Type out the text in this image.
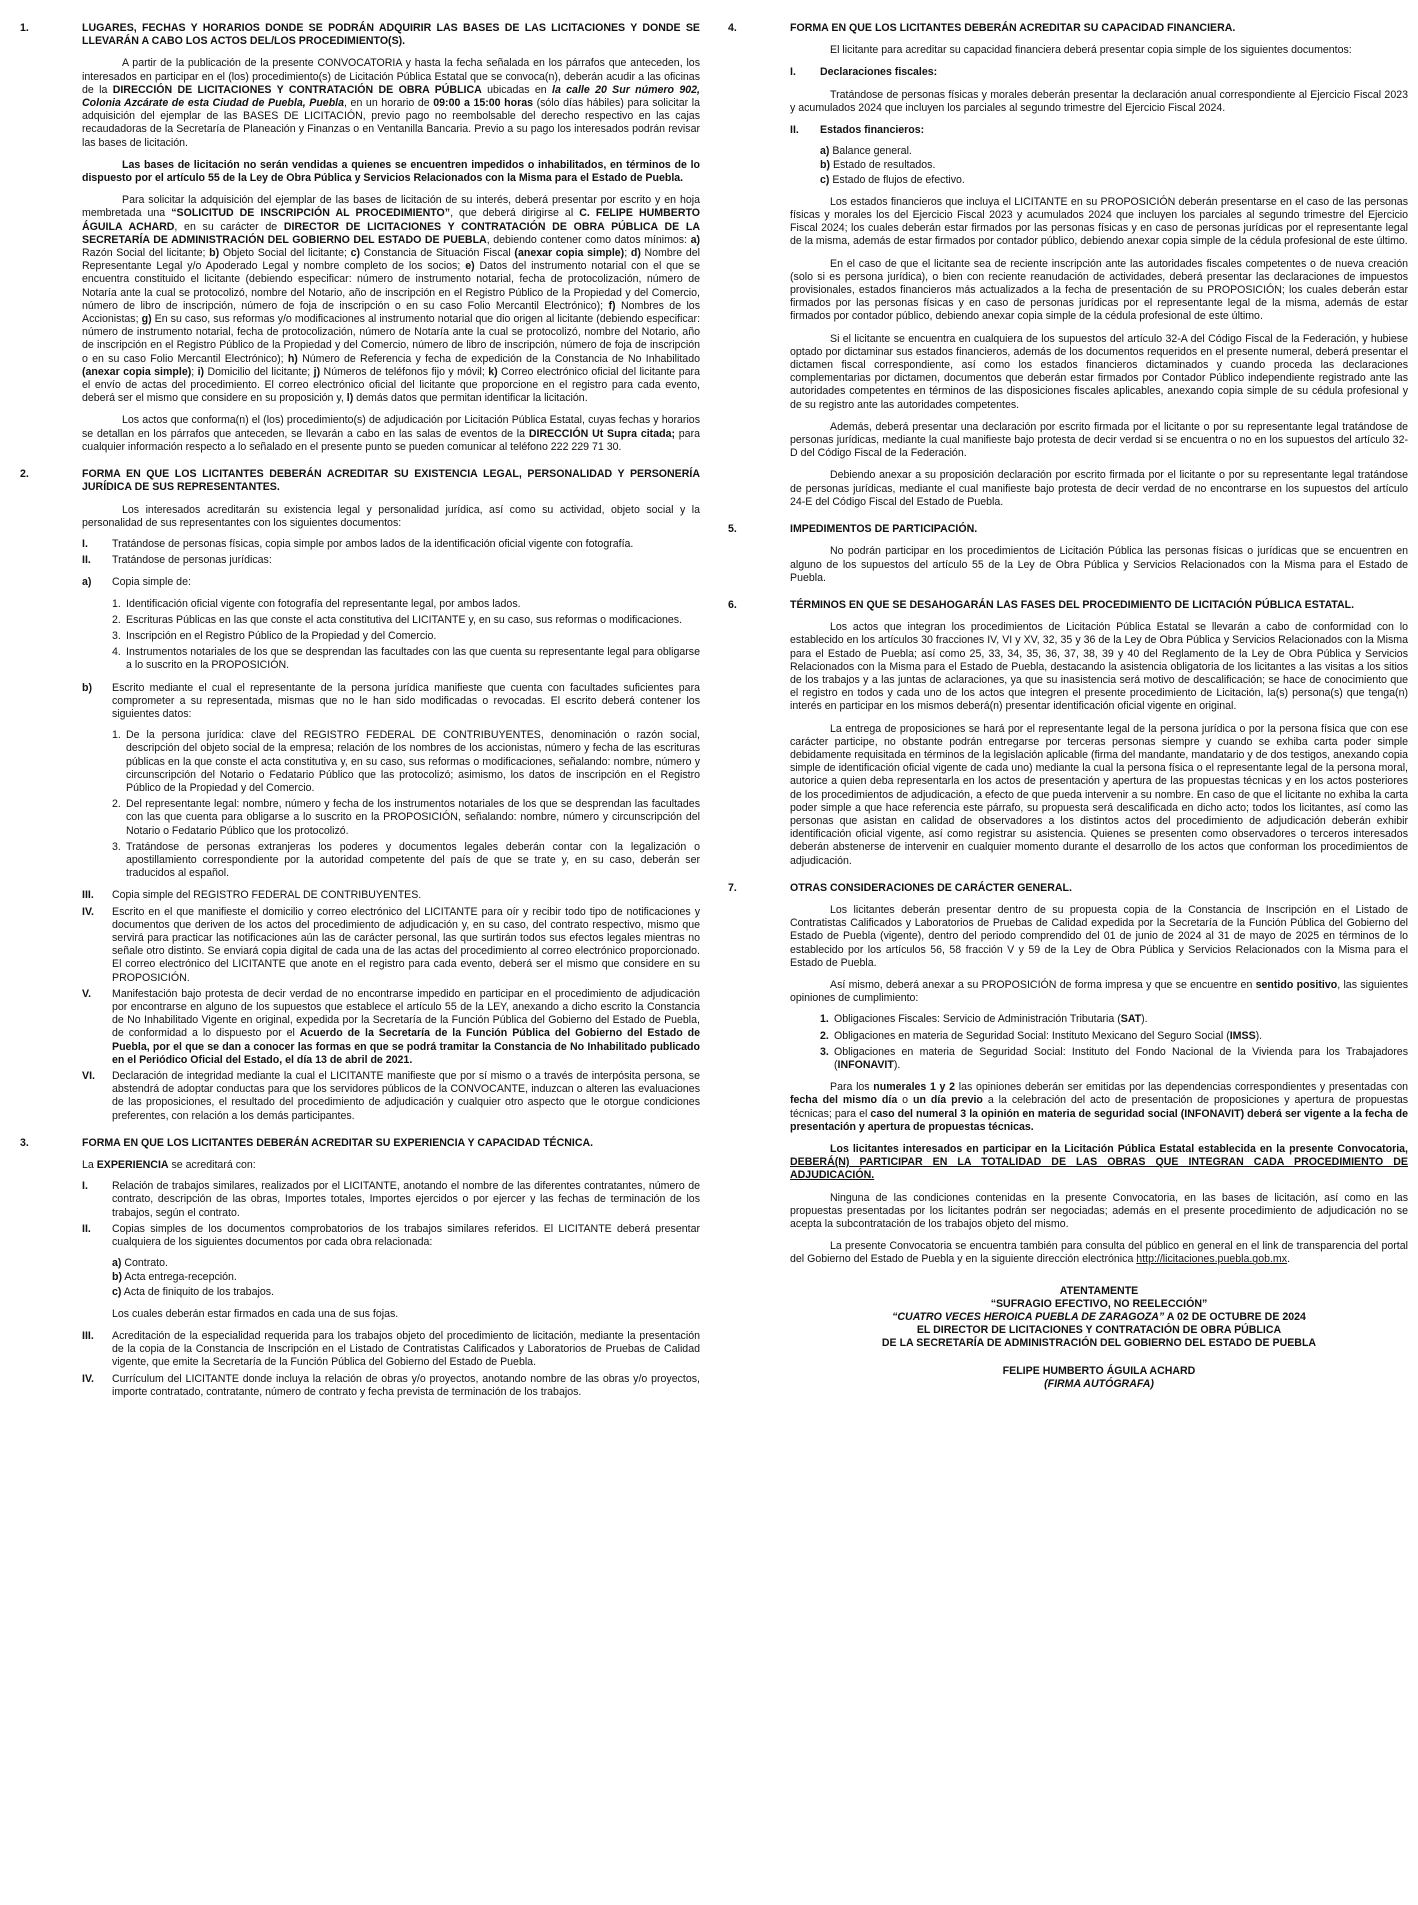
1.	LUGARES, FECHAS Y HORARIOS DONDE SE PODRÁN ADQUIRIR LAS BASES DE LAS LICITACIONES Y DONDE SE LLEVARÁN A CABO LOS ACTOS DEL/LOS PROCEDIMIENTO(S).
A partir de la publicación de la presente CONVOCATORIA y hasta la fecha señalada en los párrafos que anteceden, los interesados en participar en el (los) procedimiento(s) de Licitación Pública Estatal que se convoca(n), deberán acudir a las oficinas de la DIRECCIÓN DE LICITACIONES Y CONTRATACIÓN DE OBRA PÚBLICA ubicadas en la calle 20 Sur número 902, Colonia Azcárate de esta Ciudad de Puebla, Puebla, en un horario de 09:00 a 15:00 horas (sólo días hábiles) para solicitar la adquisición del ejemplar de las BASES DE LICITACIÓN, previo pago no reembolsable del derecho respectivo en las cajas recaudadoras de la Secretaría de Planeación y Finanzas o en Ventanilla Bancaria. Previo a su pago los interesados podrán revisar las bases de licitación.
Las bases de licitación no serán vendidas a quienes se encuentren impedidos o inhabilitados, en términos de lo dispuesto por el artículo 55 de la Ley de Obra Pública y Servicios Relacionados con la Misma para el Estado de Puebla.
Para solicitar la adquisición del ejemplar de las bases de licitación de su interés, deberá presentar por escrito y en hoja membretada una “SOLICITUD DE INSCRIPCIÓN AL PROCEDIMIENTO”, que deberá dirigirse al C. FELIPE HUMBERTO ÁGUILA ACHARD, en su carácter de DIRECTOR DE LICITACIONES Y CONTRATACIÓN DE OBRA PÚBLICA DE LA SECRETARÍA DE ADMINISTRACIÓN DEL GOBIERNO DEL ESTADO DE PUEBLA, debiendo contener como datos mínimos: a) Razón Social del licitante; b) Objeto Social del licitante; c) Constancia de Situación Fiscal (anexar copia simple); d) Nombre del Representante Legal y/o Apoderado Legal y nombre completo de los socios; e) Datos del instrumento notarial con el que se encuentra constituido el licitante (debiendo especificar: número de instrumento notarial, fecha de protocolización, número de Notaría ante la cual se protocolizó, nombre del Notario, año de inscripción en el Registro Público de la Propiedad y del Comercio, número de libro de inscripción, número de foja de inscripción o en su caso Folio Mercantil Electrónico); f) Nombres de los Accionistas; g) En su caso, sus reformas y/o modificaciones al instrumento notarial que dio origen al licitante (debiendo especificar: número de instrumento notarial, fecha de protocolización, número de Notaría ante la cual se protocolizó, nombre del Notario, año de inscripción en el Registro Público de la Propiedad y del Comercio, número de libro de inscripción, número de foja de inscripción o en su caso Folio Mercantil Electrónico); h) Número de Referencia y fecha de expedición de la Constancia de No Inhabilitado (anexar copia simple); i) Domicilio del licitante; j) Números de teléfonos fijo y móvil; k) Correo electrónico oficial del licitante para el envío de actas del procedimiento. El correo electrónico oficial del licitante que proporcione en el registro para cada evento, deberá ser el mismo que considere en su proposición y, l) demás datos que permitan identificar la licitación.
Los actos que conforma(n) el (los) procedimiento(s) de adjudicación por Licitación Pública Estatal, cuyas fechas y horarios se detallan en los párrafos que anteceden, se llevarán a cabo en las salas de eventos de la DIRECCIÓN Ut Supra citada; para cualquier información respecto a lo señalado en el presente punto se pueden comunicar al teléfono 222 229 71 30.
2.	FORMA EN QUE LOS LICITANTES DEBERÁN ACREDITAR SU EXISTENCIA LEGAL, PERSONALIDAD Y PERSONERÍA JURÍDICA DE SUS REPRESENTANTES.
Los interesados acreditarán su existencia legal y personalidad jurídica, así como su actividad, objeto social y la personalidad de sus representantes con los siguientes documentos:
I.	Tratándose de personas físicas, copia simple por ambos lados de la identificación oficial vigente con fotografía.
II.	Tratándose de personas jurídicas:
a)	Copia simple de:
1. Identificación oficial vigente con fotografía del representante legal, por ambos lados.
2. Escrituras Públicas en las que conste el acta constitutiva del LICITANTE y, en su caso, sus reformas o modificaciones.
3. Inscripción en el Registro Público de la Propiedad y del Comercio.
4. Instrumentos notariales de los que se desprendan las facultades con las que cuenta su representante legal para obligarse a lo suscrito en la PROPOSICIÓN.
b)	Escrito mediante el cual el representante de la persona jurídica manifieste que cuenta con facultades suficientes para comprometer a su representada, mismas que no le han sido modificadas o revocadas. El escrito deberá contener los siguientes datos:
1. De la persona jurídica: clave del REGISTRO FEDERAL DE CONTRIBUYENTES, denominación o razón social, descripción del objeto social de la empresa; relación de los nombres de los accionistas, número y fecha de las escrituras públicas en la que conste el acta constitutiva y, en su caso, sus reformas o modificaciones, señalando: nombre, número y circunscripción del Notario o Fedatario Público que las protocolizó; asimismo, los datos de inscripción en el Registro Público de la Propiedad y del Comercio.
2. Del representante legal: nombre, número y fecha de los instrumentos notariales de los que se desprendan las facultades con las que cuenta para obligarse a lo suscrito en la PROPOSICIÓN, señalando: nombre, número y circunscripción del Notario o Fedatario Público que los protocolizó.
3. Tratándose de personas extranjeras los poderes y documentos legales deberán contar con la legalización o apostillamiento correspondiente por la autoridad competente del país de que se trate y, en su caso, deberán ser traducidos al español.
III.	Copia simple del REGISTRO FEDERAL DE CONTRIBUYENTES.
IV.	Escrito en el que manifieste el domicilio y correo electrónico del LICITANTE para oír y recibir todo tipo de notificaciones y documentos que deriven de los actos del procedimiento de adjudicación y, en su caso, del contrato respectivo, mismo que servirá para practicar las notificaciones aún las de carácter personal, las que surtirán todos sus efectos legales mientras no señale otro distinto. Se enviará copia digital de cada una de las actas del procedimiento al correo electrónico proporcionado. El correo electrónico del LICITANTE que anote en el registro para cada evento, deberá ser el mismo que considere en su PROPOSICIÓN.
V.	Manifestación bajo protesta de decir verdad de no encontrarse impedido en participar en el procedimiento de adjudicación por encontrarse en alguno de los supuestos que establece el artículo 55 de la LEY, anexando a dicho escrito la Constancia de No Inhabilitado Vigente en original, expedida por la Secretaría de la Función Pública del Gobierno del Estado de Puebla, de conformidad a lo dispuesto por el Acuerdo de la Secretaría de la Función Pública del Gobierno del Estado de Puebla, por el que se dan a conocer las formas en que se podrá tramitar la Constancia de No Inhabilitado publicado en el Periódico Oficial del Estado, el día 13 de abril de 2021.
VI.	Declaración de integridad mediante la cual el LICITANTE manifieste que por sí mismo o a través de interpósita persona, se abstendrá de adoptar conductas para que los servidores públicos de la CONVOCANTE, induzcan o alteren las evaluaciones de las proposiciones, el resultado del procedimiento de adjudicación y cualquier otro aspecto que le otorgue condiciones preferentes, con relación a los demás participantes.
3.	FORMA EN QUE LOS LICITANTES DEBERÁN ACREDITAR SU EXPERIENCIA Y CAPACIDAD TÉCNICA.
La EXPERIENCIA se acreditará con:
I.	Relación de trabajos similares, realizados por el LICITANTE, anotando el nombre de las diferentes contratantes, número de contrato, descripción de las obras, Importes totales, Importes ejercidos o por ejercer y las fechas de terminación de los trabajos, según el contrato.
II.	Copias simples de los documentos comprobatorios de los trabajos similares referidos. El LICITANTE deberá presentar cualquiera de los siguientes documentos por cada obra relacionada:
a) Contrato.
b) Acta entrega-recepción.
c) Acta de finiquito de los trabajos.
Los cuales deberán estar firmados en cada una de sus fojas.
III.	Acreditación de la especialidad requerida para los trabajos objeto del procedimiento de licitación, mediante la presentación de la copia de la Constancia de Inscripción en el Listado de Contratistas Calificados y Laboratorios de Pruebas de Calidad vigente, que emite la Secretaría de la Función Pública del Gobierno del Estado de Puebla.
IV.	Currículum del LICITANTE donde incluya la relación de obras y/o proyectos, anotando nombre de las obras y/o proyectos, importe contratado, contratante, número de contrato y fecha prevista de terminación de los trabajos.
4.	FORMA EN QUE LOS LICITANTES DEBERÁN ACREDITAR SU CAPACIDAD FINANCIERA.
El licitante para acreditar su capacidad financiera deberá presentar copia simple de los siguientes documentos:
I.	Declaraciones fiscales:
Tratándose de personas físicas y morales deberán presentar la declaración anual correspondiente al Ejercicio Fiscal 2023 y acumulados 2024 que incluyen los parciales al segundo trimestre del Ejercicio Fiscal 2024.
II.	Estados financieros:
a) Balance general.
b) Estado de resultados.
c) Estado de flujos de efectivo.
Los estados financieros que incluya el LICITANTE en su PROPOSICIÓN deberán presentarse en el caso de las personas físicas y morales los del Ejercicio Fiscal 2023 y acumulados 2024 que incluyen los parciales al segundo trimestre del Ejercicio Fiscal 2024; los cuales deberán estar firmados por las personas físicas y en caso de personas jurídicas por el representante legal de la misma, además de estar firmados por contador público, debiendo anexar copia simple de la cédula profesional de este último.
En el caso de que el licitante sea de reciente inscripción ante las autoridades fiscales competentes o de nueva creación (solo si es persona jurídica), o bien con reciente reanudación de actividades, deberá presentar las declaraciones de impuestos provisionales, estados financieros más actualizados a la fecha de presentación de su PROPOSICIÓN; los cuales deberán estar firmados por las personas físicas y en caso de personas jurídicas por el representante legal de la misma, además de estar firmados por contador público, debiendo anexar copia simple de la cédula profesional de este último.
Si el licitante se encuentra en cualquiera de los supuestos del artículo 32-A del Código Fiscal de la Federación, y hubiese optado por dictaminar sus estados financieros, además de los documentos requeridos en el presente numeral, deberá presentar el dictamen fiscal correspondiente, así como los estados financieros dictaminados y cuando proceda las declaraciones complementarias por dictamen, documentos que deberán estar firmados por Contador Público independiente registrado ante las autoridades competentes en términos de las disposiciones fiscales aplicables, anexando copia simple de su cédula profesional y de su registro ante las autoridades competentes.
Además, deberá presentar una declaración por escrito firmada por el licitante o por su representante legal tratándose de personas jurídicas, mediante la cual manifieste bajo protesta de decir verdad si se encuentra o no en los supuestos del artículo 32-D del Código Fiscal de la Federación.
Debiendo anexar a su proposición declaración por escrito firmada por el licitante o por su representante legal tratándose de personas jurídicas, mediante el cual manifieste bajo protesta de decir verdad de no encontrarse en los supuestos del artículo 24-E del Código Fiscal del Estado de Puebla.
5.	IMPEDIMENTOS DE PARTICIPACIÓN.
No podrán participar en los procedimientos de Licitación Pública las personas físicas o jurídicas que se encuentren en alguno de los supuestos del artículo 55 de la Ley de Obra Pública y Servicios Relacionados con la Misma para el Estado de Puebla.
6.	TÉRMINOS EN QUE SE DESAHOGARÁN LAS FASES DEL PROCEDIMIENTO DE LICITACIÓN PÚBLICA ESTATAL.
Los actos que integran los procedimientos de Licitación Pública Estatal se llevarán a cabo de conformidad con lo establecido en los artículos 30 fracciones IV, VI y XV, 32, 35 y 36 de la Ley de Obra Pública y Servicios Relacionados con la Misma para el Estado de Puebla; así como 25, 33, 34, 35, 36, 37, 38, 39 y 40 del Reglamento de la Ley de Obra Pública y Servicios Relacionados con la Misma para el Estado de Puebla, destacando la asistencia obligatoria de los licitantes a las visitas a los sitios de los trabajos y a las juntas de aclaraciones, ya que su inasistencia será motivo de descalificación; se hace de conocimiento que el registro en todos y cada uno de los actos que integren el presente procedimiento de Licitación, la(s) persona(s) que tenga(n) interés en participar en los mismos deberá(n) presentar identificación oficial vigente en original.
La entrega de proposiciones se hará por el representante legal de la persona jurídica o por la persona física que con ese carácter participe, no obstante podrán entregarse por terceras personas siempre y cuando se exhiba carta poder simple debidamente requisitada en términos de la legislación aplicable (firma del mandante, mandatario y de dos testigos, anexando copia simple de identificación oficial vigente de cada uno) mediante la cual la persona física o el representante legal de la persona moral, autorice a quien deba representarla en los actos de presentación y apertura de las propuestas técnicas y en los actos posteriores de los procedimientos de adjudicación, a efecto de que pueda intervenir a su nombre. En caso de que el licitante no exhiba la carta poder simple a que hace referencia este párrafo, su propuesta será descalificada en dicho acto; todos los licitantes, así como las personas que asistan en calidad de observadores a los distintos actos del procedimiento de adjudicación deberán exhibir identificación oficial vigente, así como registrar su asistencia. Quienes se presenten como observadores o terceros interesados deberán abstenerse de intervenir en cualquier momento durante el desarrollo de los actos que conforman los procedimientos de adjudicación.
7.	OTRAS CONSIDERACIONES DE CARÁCTER GENERAL.
Los licitantes deberán presentar dentro de su propuesta copia de la Constancia de Inscripción en el Listado de Contratistas Calificados y Laboratorios de Pruebas de Calidad expedida por la Secretaría de la Función Pública del Gobierno del Estado de Puebla (vigente), dentro del periodo comprendido del 01 de junio de 2024 al 31 de mayo de 2025 en términos de lo establecido por los artículos 56, 58 fracción V y 59 de la Ley de Obra Pública y Servicios Relacionados con la Misma para el Estado de Puebla.
Así mismo, deberá anexar a su PROPOSICIÓN de forma impresa y que se encuentre en sentido positivo, las siguientes opiniones de cumplimiento:
1. Obligaciones Fiscales: Servicio de Administración Tributaria (SAT).
2. Obligaciones en materia de Seguridad Social: Instituto Mexicano del Seguro Social (IMSS).
3. Obligaciones en materia de Seguridad Social: Instituto del Fondo Nacional de la Vivienda para los Trabajadores (INFONAVIT).
Para los numerales 1 y 2 las opiniones deberán ser emitidas por las dependencias correspondientes y presentadas con fecha del mismo día o un día previo a la celebración del acto de presentación de proposiciones y apertura de propuestas técnicas; para el caso del numeral 3 la opinión en materia de seguridad social (INFONAVIT) deberá ser vigente a la fecha de presentación y apertura de propuestas técnicas.
Los licitantes interesados en participar en la Licitación Pública Estatal establecida en la presente Convocatoria, DEBERÁ(N) PARTICIPAR EN LA TOTALIDAD DE LAS OBRAS QUE INTEGRAN CADA PROCEDIMIENTO DE ADJUDICACIÓN.
Ninguna de las condiciones contenidas en la presente Convocatoria, en las bases de licitación, así como en las propuestas presentadas por los licitantes podrán ser negociadas; además en el presente procedimiento de adjudicación no se acepta la subcontratación de los trabajos objeto del mismo.
La presente Convocatoria se encuentra también para consulta del público en general en el link de transparencia del portal del Gobierno del Estado de Puebla y en la siguiente dirección electrónica http://licitaciones.puebla.gob.mx.
ATENTAMENTE
“SUFRAGIO EFECTIVO, NO REELECCIÓN”
“CUATRO VECES HEROICA PUEBLA DE ZARAGOZA” A 02 DE OCTUBRE DE 2024
EL DIRECTOR DE LICITACIONES Y CONTRATACIÓN DE OBRA PÚBLICA
DE LA SECRETARÍA DE ADMINISTRACIÓN DEL GOBIERNO DEL ESTADO DE PUEBLA
FELIPE HUMBERTO ÁGUILA ACHARD
(FIRMA AUTÓGRAFA)
